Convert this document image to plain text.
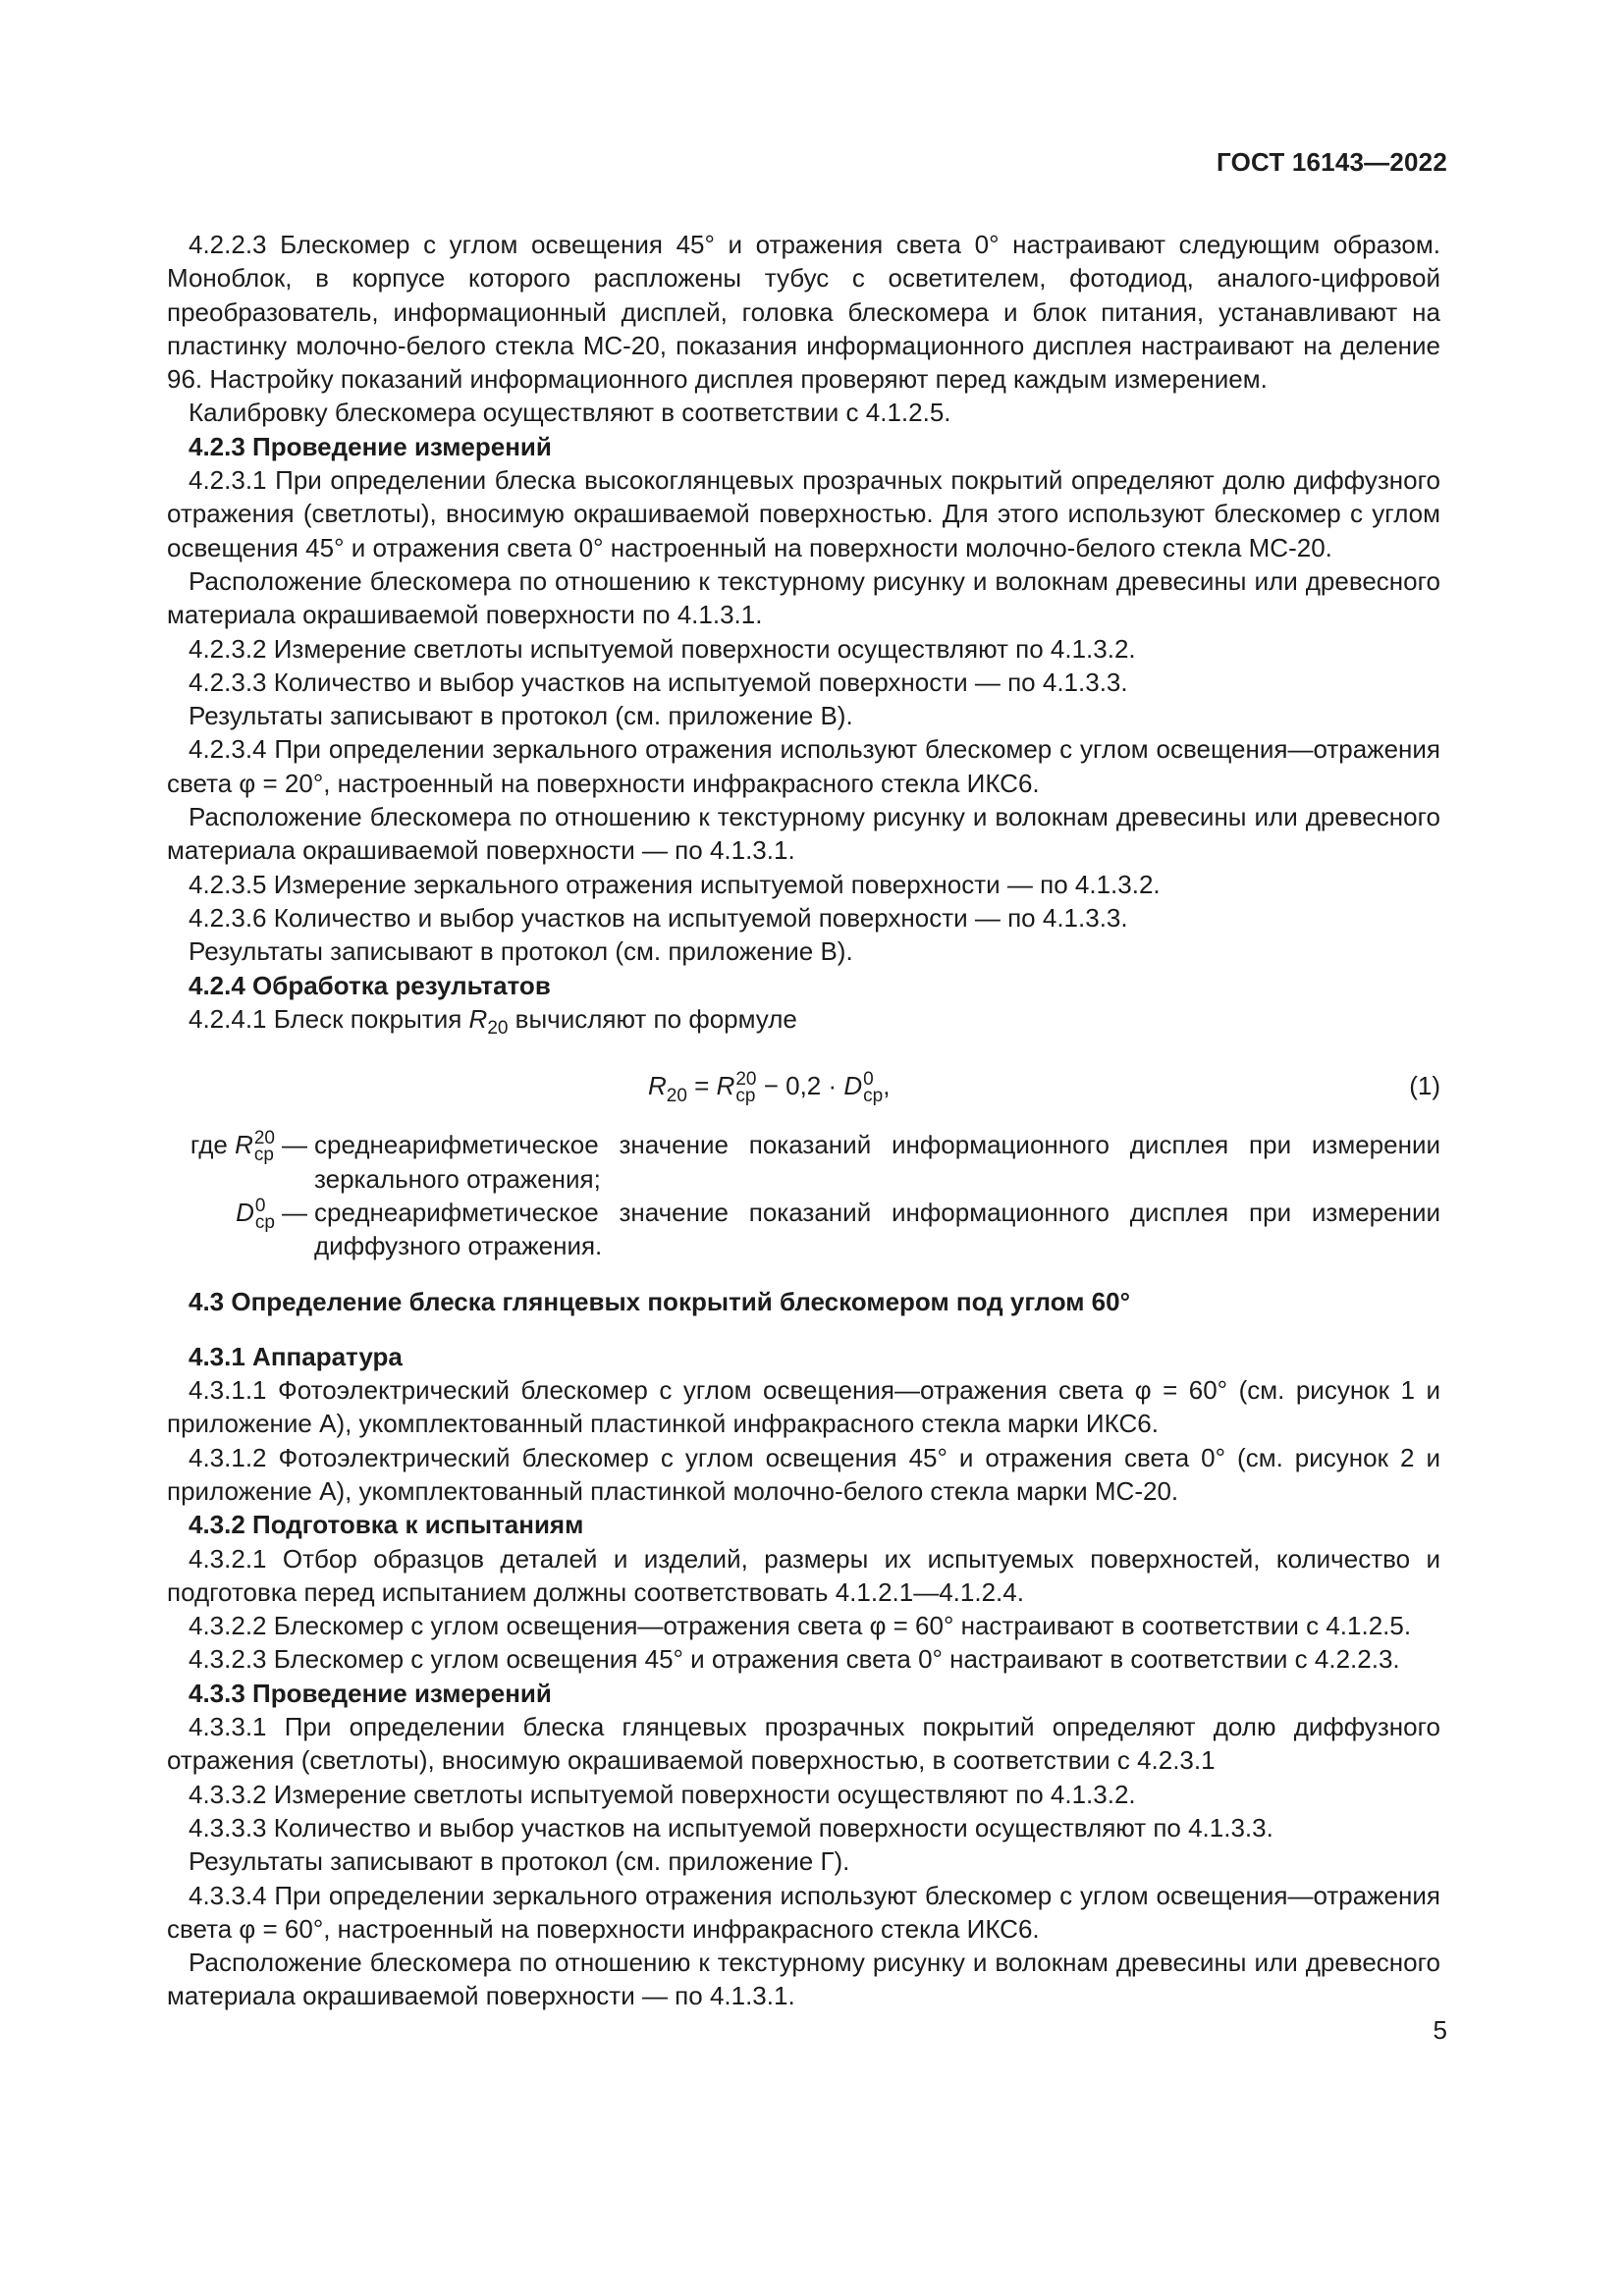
ГОСТ 16143—2022

4.2.2.3 Блескомер с углом освещения 45° и отражения света 0° настраивают следующим образом. Моноблок, в корпусе которого распложены тубус с осветителем, фотодиод, аналого-цифровой преобразователь, информационный дисплей, головка блескомера и блок питания, устанавливают на пластинку молочно-белого стекла МС-20, показания информационного дисплея настраивают на деление 96. Настройку показаний информационного дисплея проверяют перед каждым измерением.

Калибровку блескомера осуществляют в соответствии с 4.1.2.5.

4.2.3 Проведение измерений

4.2.3.1 При определении блеска высокоглянцевых прозрачных покрытий определяют долю диффузного отражения (светлоты), вносимую окрашиваемой поверхностью. Для этого используют блескомер с углом освещения 45° и отражения света 0° настроенный на поверхности молочно-белого стекла МС-20.

Расположение блескомера по отношению к текстурному рисунку и волокнам древесины или древесного материала окрашиваемой поверхности по 4.1.3.1.

4.2.3.2 Измерение светлоты испытуемой поверхности осуществляют по 4.1.3.2.

4.2.3.3 Количество и выбор участков на испытуемой поверхности — по 4.1.3.3.

Результаты записывают в протокол (см. приложение В).

4.2.3.4 При определении зеркального отражения используют блескомер с углом освещения—отражения света φ = 20°, настроенный на поверхности инфракрасного стекла ИКС6.

Расположение блескомера по отношению к текстурному рисунку и волокнам древесины или древесного материала окрашиваемой поверхности — по 4.1.3.1.

4.2.3.5 Измерение зеркального отражения испытуемой поверхности — по 4.1.3.2.

4.2.3.6 Количество и выбор участков на испытуемой поверхности — по 4.1.3.3.

Результаты записывают в протокол (см. приложение В).

4.2.4 Обработка результатов

4.2.4.1 Блеск покрытия $R_{20}$ вычисляют по формуле

$R_{20} = R$ 20
ср − 0,2 · D 0
ср ,	(1)
где R 20
ср — среднеарифметическое значение показаний информационного дисплея при измерении зеркального отражения;
D 0
ср — среднеарифметическое значение показаний информационного дисплея при измерении диффузного отражения.

4.3 Определение блеска глянцевых покрытий блескомером под углом 60°

4.3.1 Аппаратура

4.3.1.1 Фотоэлектрический блескомер с углом освещения—отражения света φ = 60° (см. рисунок 1 и приложение А), укомплектованный пластинкой инфракрасного стекла марки ИКС6.

4.3.1.2 Фотоэлектрический блескомер с углом освещения 45° и отражения света 0° (см. рисунок 2 и приложение А), укомплектованный пластинкой молочно-белого стекла марки МС-20.

4.3.2 Подготовка к испытаниям

4.3.2.1 Отбор образцов деталей и изделий, размеры их испытуемых поверхностей, количество и подготовка перед испытанием должны соответствовать 4.1.2.1—4.1.2.4.

4.3.2.2 Блескомер с углом освещения—отражения света φ = 60° настраивают в соответствии с 4.1.2.5.

4.3.2.3 Блескомер с углом освещения 45° и отражения света 0° настраивают в соответствии с 4.2.2.3.

4.3.3 Проведение измерений

4.3.3.1 При определении блеска глянцевых прозрачных покрытий определяют долю диффузного отражения (светлоты), вносимую окрашиваемой поверхностью, в соответствии с 4.2.3.1

4.3.3.2 Измерение светлоты испытуемой поверхности осуществляют по 4.1.3.2.

4.3.3.3 Количество и выбор участков на испытуемой поверхности осуществляют по 4.1.3.3.

Результаты записывают в протокол (см. приложение Г).

4.3.3.4 При определении зеркального отражения используют блескомер с углом освещения—отражения света φ = 60°, настроенный на поверхности инфракрасного стекла ИКС6.

Расположение блескомера по отношению к текстурному рисунку и волокнам древесины или древесного материала окрашиваемой поверхности — по 4.1.3.1.

5
